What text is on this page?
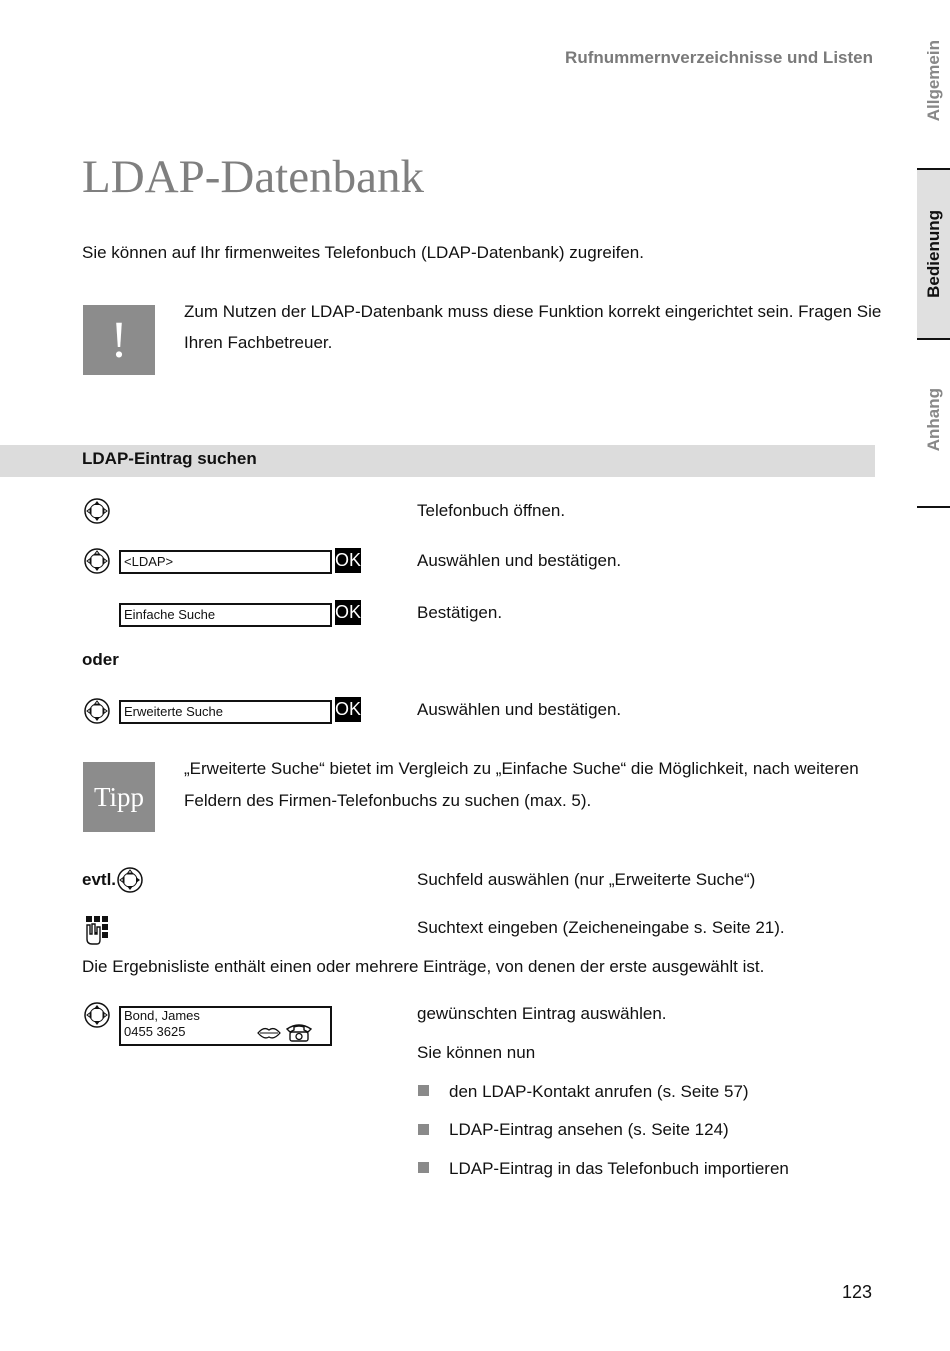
Rufnummernverzeichnisse und Listen	Allgemein
Bedienung
Anhang
LDAP-Datenbank
Sie können auf Ihr firmenweites Telefonbuch (LDAP-Datenbank) zugreifen.
!	Zum Nutzen der LDAP-Datenbank muss diese Funktion korrekt eingerichtet sein. Fragen Sie
Ihren Fachbetreuer.
LDAP-Eintrag suchen
Telefonbuch öffnen.
<LDAP>	OK	Auswählen und bestätigen.
Einfache Suche	OK	Bestätigen.
oder
Erweiterte Suche	OK	Auswählen und bestätigen.
Tipp
„Erweiterte Suche“ bietet im Vergleich zu „Einfache Suche“ die Möglichkeit, nach weiteren
Feldern des Firmen-Telefonbuchs zu suchen (max. 5).
evtl.	Suchfeld auswählen (nur „Erweiterte Suche“)
Suchtext eingeben (Zeicheneingabe s. Seite 21).
Die Ergebnisliste enthält einen oder mehrere Einträge, von denen der erste ausgewählt ist.
Bond, James
0455 3625
gewünschten Eintrag auswählen.
Sie können nun
den LDAP-Kontakt anrufen (s. Seite 57)
LDAP-Eintrag ansehen (s. Seite 124)
LDAP-Eintrag in das Telefonbuch importieren
123
